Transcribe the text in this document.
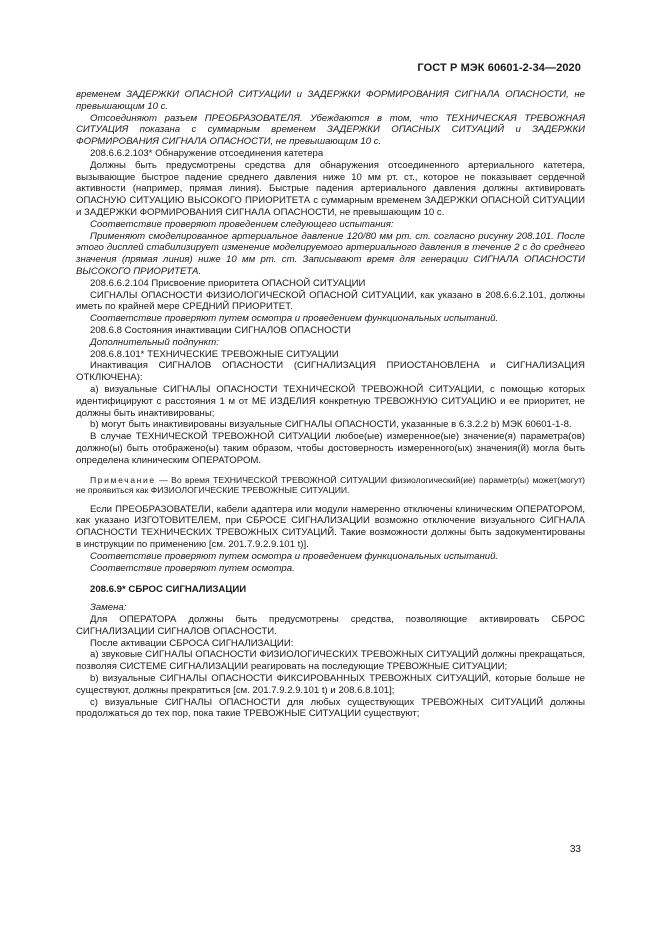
ГОСТ Р МЭК 60601-2-34—2020

временем ЗАДЕРЖКИ ОПАСНОЙ СИТУАЦИИ и ЗАДЕРЖКИ ФОРМИРОВАНИЯ СИГНАЛА ОПАСНОСТИ, не превышающим 10 с.

Отсоединяют разъем ПРЕОБРАЗОВАТЕЛЯ. Убеждаются в том, что ТЕХНИЧЕСКАЯ ТРЕВОЖНАЯ СИТУАЦИЯ показана с суммарным временем ЗАДЕРЖКИ ОПАСНЫХ СИТУАЦИЙ и ЗАДЕРЖКИ ФОРМИРОВАНИЯ СИГНАЛА ОПАСНОСТИ, не превышающим 10 с.

208.6.6.2.103* Обнаружение отсоединения катетера

Должны быть предусмотрены средства для обнаружения отсоединенного артериального катетера, вызывающие быстрое падение среднего давления ниже 10 мм рт. ст., которое не показывает сердечной активности (например, прямая линия). Быстрые падения артериального давления должны активировать ОПАСНУЮ СИТУАЦИЮ ВЫСОКОГО ПРИОРИТЕТА с суммарным временем ЗАДЕРЖКИ ОПАСНОЙ СИТУАЦИИ и ЗАДЕРЖКИ ФОРМИРОВАНИЯ СИГНАЛА ОПАСНОСТИ, не превышающим 10 с.

Соответствие проверяют проведением следующего испытания:

Применяют смоделированное артериальное давление 120/80 мм рт. ст. согласно рисунку 208.101. После этого дисплей стабилизирует изменение моделируемого артериального давления в течение 2 с до среднего значения (прямая линия) ниже 10 мм рт. ст. Записывают время для генерации СИГНАЛА ОПАСНОСТИ ВЫСОКОГО ПРИОРИТЕТА.

208.6.6.2.104 Присвоение приоритета ОПАСНОЙ СИТУАЦИИ

СИГНАЛЫ ОПАСНОСТИ ФИЗИОЛОГИЧЕСКОЙ ОПАСНОЙ СИТУАЦИИ, как указано в 208.6.6.2.101, должны иметь по крайней мере СРЕДНИЙ ПРИОРИТЕТ.

Соответствие проверяют путем осмотра и проведением функциональных испытаний.

208.6.8 Состояния инактивации СИГНАЛОВ ОПАСНОСТИ

Дополнительный подпункт:

208.6.8.101* ТЕХНИЧЕСКИЕ ТРЕВОЖНЫЕ СИТУАЦИИ

Инактивация СИГНАЛОВ ОПАСНОСТИ (СИГНАЛИЗАЦИЯ ПРИОСТАНОВЛЕНА и СИГНАЛИЗАЦИЯ ОТКЛЮЧЕНА):

a) визуальные СИГНАЛЫ ОПАСНОСТИ ТЕХНИЧЕСКОЙ ТРЕВОЖНОЙ СИТУАЦИИ, с помощью которых идентифицируют с расстояния 1 м от МЕ ИЗДЕЛИЯ конкретную ТРЕВОЖНУЮ СИТУАЦИЮ и ее приоритет, не должны быть инактивированы;

b) могут быть инактивированы визуальные СИГНАЛЫ ОПАСНОСТИ, указанные в 6.3.2.2 b) МЭК 60601-1-8.

В случае ТЕХНИЧЕСКОЙ ТРЕВОЖНОЙ СИТУАЦИИ любое(ые) измеренное(ые) значение(я) параметра(ов) должно(ы) быть отображено(ы) таким образом, чтобы достоверность измеренного(ых) значения(й) могла быть определена клиническим ОПЕРАТОРОМ.

Примечание — Во время ТЕХНИЧЕСКОЙ ТРЕВОЖНОЙ СИТУАЦИИ физиологический(ие) параметр(ы) может(могут) не проявиться как ФИЗИОЛОГИЧЕСКИЕ ТРЕВОЖНЫЕ СИТУАЦИИ.

Если ПРЕОБРАЗОВАТЕЛИ, кабели адаптера или модули намеренно отключены клиническим ОПЕРАТОРОМ, как указано ИЗГОТОВИТЕЛЕМ, при СБРОСЕ СИГНАЛИЗАЦИИ возможно отключение визуального СИГНАЛА ОПАСНОСТИ ТЕХНИЧЕСКИХ ТРЕВОЖНЫХ СИТУАЦИЙ. Такие возможности должны быть задокументированы в инструкции по применению [см. 201.7.9.2.9.101 t)].

Соответствие проверяют путем осмотра и проведением функциональных испытаний.

Соответствие проверяют путем осмотра.

208.6.9* СБРОС СИГНАЛИЗАЦИИ

Замена:

Для ОПЕРАТОРА должны быть предусмотрены средства, позволяющие активировать СБРОС СИГНАЛИЗАЦИИ СИГНАЛОВ ОПАСНОСТИ.

После активации СБРОСА СИГНАЛИЗАЦИИ:

a) звуковые СИГНАЛЫ ОПАСНОСТИ ФИЗИОЛОГИЧЕСКИХ ТРЕВОЖНЫХ СИТУАЦИЙ должны прекращаться, позволяя СИСТЕМЕ СИГНАЛИЗАЦИИ реагировать на последующие ТРЕВОЖНЫЕ СИТУАЦИИ;

b) визуальные СИГНАЛЫ ОПАСНОСТИ ФИКСИРОВАННЫХ ТРЕВОЖНЫХ СИТУАЦИЙ, которые больше не существуют, должны прекратиться [см. 201.7.9.2.9.101 t) и 208.6.8.101];

c) визуальные СИГНАЛЫ ОПАСНОСТИ для любых существующих ТРЕВОЖНЫХ СИТУАЦИЙ должны продолжаться до тех пор, пока такие ТРЕВОЖНЫЕ СИТУАЦИИ существуют;

33
